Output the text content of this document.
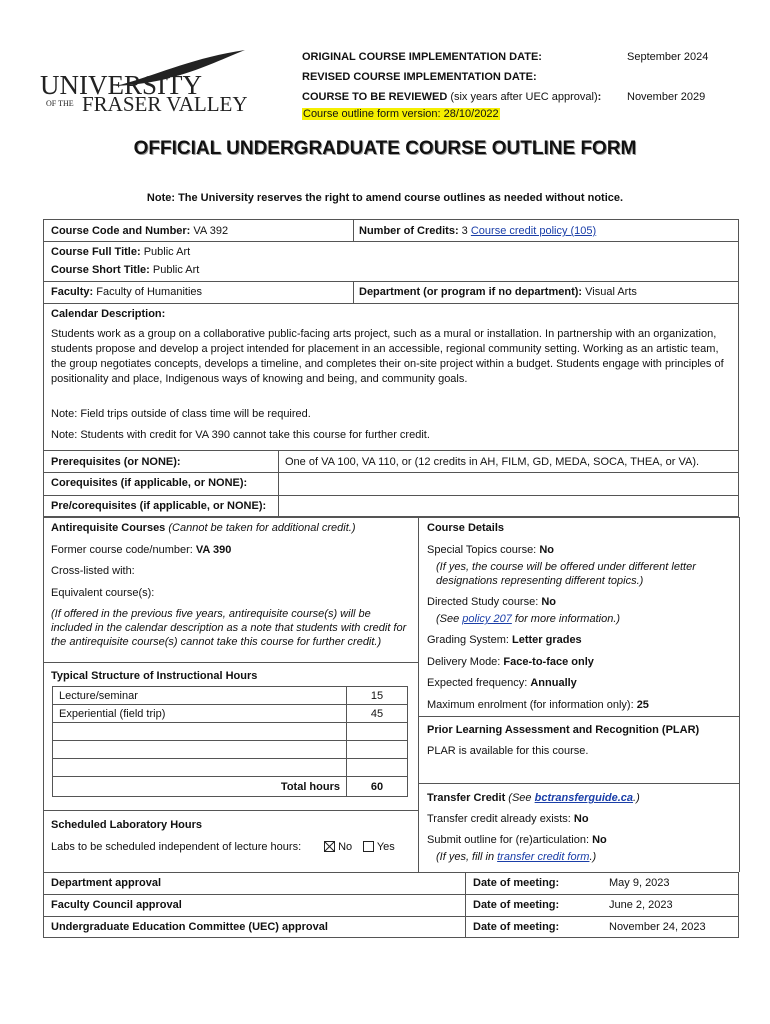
UNIVERSITY
OF THE FRASER VALLEY
ORIGINAL COURSE IMPLEMENTATION DATE:	September 2024
REVISED COURSE IMPLEMENTATION DATE:
COURSE TO BE REVIEWED (six years after UEC approval): November 2029
Course outline form version: 28/10/2022
OFFICIAL UNDERGRADUATE COURSE OUTLINE FORM
Note: The University reserves the right to amend course outlines as needed without notice.
Course Code and Number: VA 392	Number of Credits: 3 Course credit policy (105)
Course Full Title: Public Art
Course Short Title: Public Art
Faculty: Faculty of Humanities	Department (or program if no department): Visual Arts
Calendar Description:
Students work as a group on a collaborative public-facing arts project, such as a mural or installation. In partnership with an organization, students propose and develop a project intended for placement in an accessible, regional community setting. Working as an artistic team, the group negotiates concepts, develops a timeline, and completes their on-site project within a budget. Students engage with principles of positionality and place, Indigenous ways of knowing and being, and community goals.
Note: Field trips outside of class time will be required.
Note: Students with credit for VA 390 cannot take this course for further credit.
Prerequisites (or NONE):	One of VA 100, VA 110, or (12 credits in AH, FILM, GD, MEDA, SOCA, THEA, or VA).
Corequisites (if applicable, or NONE):
Pre/corequisites (if applicable, or NONE):
Antirequisite Courses (Cannot be taken for additional credit.)
Former course code/number: VA 390
Cross-listed with:
Equivalent course(s):
(If offered in the previous five years, antirequisite course(s) will be included in the calendar description as a note that students with credit for the antirequisite course(s) cannot take this course for further credit.)
Typical Structure of Instructional Hours
Lecture/seminar	15
Experiential (field trip)	45

Total hours	60
Scheduled Laboratory Hours
Labs to be scheduled independent of lecture hours:	No	Yes
Course Details
Special Topics course: No
(If yes, the course will be offered under different letter designations representing different topics.)
Directed Study course: No
(See policy 207 for more information.)
Grading System: Letter grades
Delivery Mode: Face-to-face only
Expected frequency: Annually
Maximum enrolment (for information only): 25
Prior Learning Assessment and Recognition (PLAR)
PLAR is available for this course.
Transfer Credit (See bctransferguide.ca.)
Transfer credit already exists: No
Submit outline for (re)articulation: No
(If yes, fill in transfer credit form.)
Department approval	Date of meeting:	May 9, 2023
Faculty Council approval	Date of meeting:	June 2, 2023
Undergraduate Education Committee (UEC) approval	Date of meeting:	November 24, 2023
